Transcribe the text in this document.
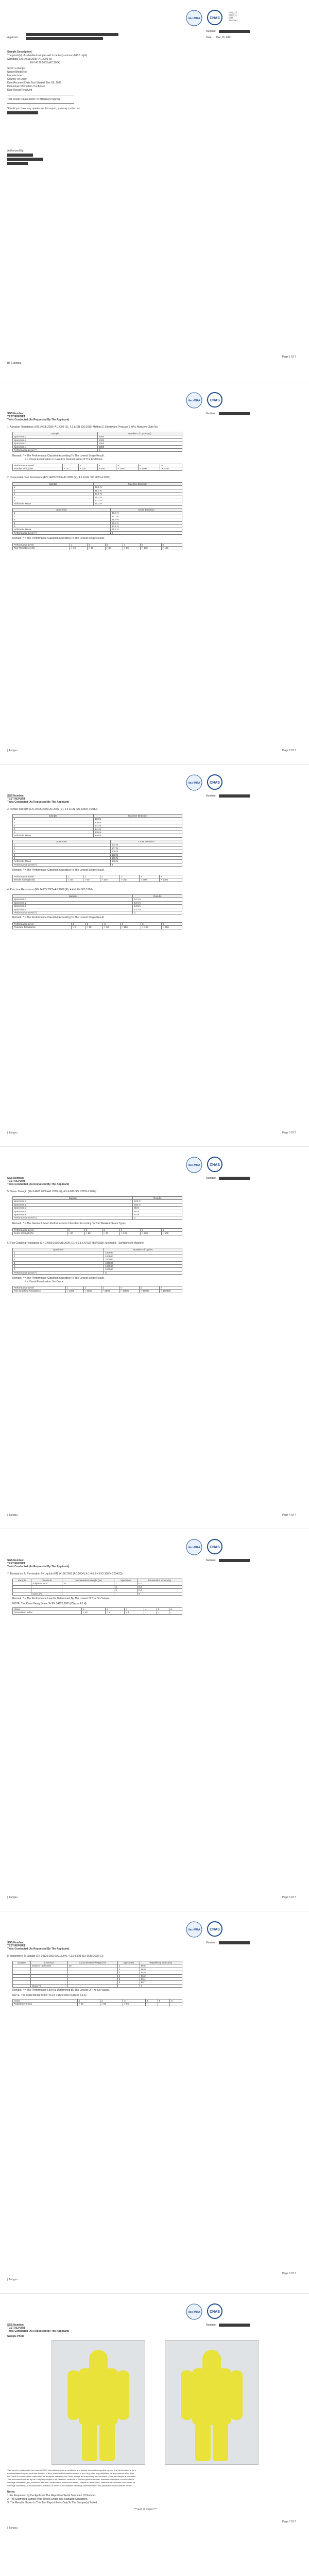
ilac-MRA	CNAS
中国认可
国际互认
检测
TESTING
Number:
Applicant:	Date: Dec 16, 2021
Sample Description:
The photo(s) of submitted sample said to be body armour (NIST Light)
Standard: EN 14605:2005+A1:2009 (5)
EN 14126:2003 (AC:2004)
Size/ Lo Range
Nature/Model No
Manufacturer
Country Of Origin
Date Received/Date Test Started: Dec 06, 2021
Date Final Information Confirmed
Date Result Received
Test Result Please Refer To Attached Page(S).
Should you have any queries on this report, you may contact us.
Authorized By:
Page 1 Of 7
Bf. | Jiangsu
ilac-MRA	CNAS
Number:
SGS Number:
TEST REPORT
Tests Conducted (As Requested By The Applicant)
1. Abrasion Resistance (EN 14605:2005+A1:2009 (E), 4.1 & EN 530:2010, Method 2, Downward Pressure 9 kPa, Abrasive Cloth No.
Sample	Number Of Cycles (n)
Specimen 1	2000
Specimen 2	2000
Specimen 3	2000
Specimen 4	2000
Performance Level (*)	6
Remark: * = The Performance Classified According To The Lowest Single Result.
# = Visual Examination In Case For Determination Of The End Point.
Performance Level	1	2	3	4	5	6
Number Of Cycles	> 10	> 100	> 500	> 1000	> 1500	> 2000
2. Trapezoidal Tear Resistance (EN 14605:2005+A1:2009 (E), 4.2 & EN ISO 9073-4:1997)
Sample	Machine Direction
1	46.1 N
2	48.3 N
3	43.8 N
4	40.3 N
5	43.3 N
Arithmetic Mean	44.3 N
Specimen	Cross Direction
1	32.5 N
2	32.0 N
3	31.9 N
4	29.9 N
5	30.5 N
Arithmetic Mean	31.4 N
Performance Level (*)	2
Remark: * = The Performance Classified According To The Lowest Single Result.
Performance Level	1	2	3	4	5	6
Tear Resistance (N)	> 10	> 20	> 40	> 60	> 100	> 150
| Jiangsu	Page 2 Of 7
ilac-MRA	CNAS
Number:
SGS Number:
TEST REPORT
Tests Conducted (As Requested By The Applicant)
3. Tensile Strength (EN 14605:2005+A1:2009 (E), 4.3 & EN ISO 13934-1:2013)
Sample	Machine Direction
1	136 N
2	138 N
3	131 N
4	141 N
5	135 N
Arithmetic Mean	136 N
Specimen	Cross Direction
1	104 N
2	107 N
3	105 N
4	102 N
5	109 N
Arithmetic Mean	105 N
Performance Level (*)	3
Remark: * = The Performance Classified According To The Lowest Single Result.
Performance Level	1	2	3	4	5	6
Tensile Strength (N)	> 30	> 60	> 100	> 250	> 500	> 1000
4. Puncture Resistance (EN 14605:2005+A1:2009 (E), 4.4 & EN 863:1996)
Sample	Results
Specimen 1	14.2 N
Specimen 2	13.9 N
Specimen 3	14.6 N
Specimen 4	13.2 N
Performance Level (*)	2
Remark: * = The Performance Classified According To The Lowest Single Result.
Performance Level	1	2	3	4	5	6
Puncture Resistance	> 5	> 10	> 50	> 100	> 150	> 250
| Jiangsu	Page 3 Of 7
ilac-MRA	CNAS
Number:
SGS Number:
TEST REPORT
Tests Conducted (As Requested By The Applicant)
5. Seam Strength (EN 14605:2005+A1:2009 (E), 4.5 & EN ISO 13935-2:2014)
Sample	Results
Specimen 1	102 N
Specimen 2	104 N
Specimen 3	98 N
Specimen 4	95 N
Specimen 5	97 N
Performance Level (*)	3
Remark: * = The Garment Seam Performance Is Classified According To The Weakest Seam Types.
Performance Level	1	2	3	4	5	6
Seam Strength (N)	> 30	> 50	> 75	> 125	> 300	> 500
6. Flex Cracking Resistance (EN 14605:2005+A1:2009 (E), 4.1 & EN ISO 7854:1995, Method B - Schildknecht Machine)
Specimen	Number Of Cycles
1	100000
2	100000
3	100000
4	100000
5	100000
6	100000
Performance Level (*)	6
Remark: * = The Performance Classified According To The Lowest Single Result.
# = Visual Examination: No Crack
Performance Level	1	2	3	4	5	6
Flex Cracking Resistance	> 1000	> 2500	> 5000	> 15000	> 40000	> 100000
| Jiangsu	Page 4 Of 7
ilac-MRA	CNAS
Number:
SGS Number:
TEST REPORT
Tests Conducted (As Requested By The Applicant)
7. Resistance To Permeation By Liquids (EN 14126:2003 (AC:2004), 4.1.4 & EN ISO 16604:2004(C))
Sample	Chemical	Concentration Weight (%)	Specimen	Penetration Index (%)
	Sulphuric Acid	30	1	0.0
			2	0.0
			3	0.0
	Class (*)			3
Remark: * = The Performance Level Is Determined By The Lowest Of The Six Values.
NOTE: The Class Being Below To EN 14126:2003 (Clause 4.1.4)
Class	1	2	3	4	5	6
Penetration Index	< 10	< 5	< 1	-	-	-
| Jiangsu	Page 5 Of 7
ilac-MRA	CNAS
Number:
SGS Number:
TEST REPORT
Tests Conducted (As Requested By The Applicant)
8. Repellency To Liquids (EN 14126:2003 (AC:2004), 4.1.5 & EN ISO 6530:2005(C))
Sample	Chemical	Concentration Weight (%)	Specimen	Repellency Index (%)
	Sodium Hydroxide	10	1	95.6
			2	96.0
			3	95.9
			4	96.2
			5	96.4
			6	95.7
	Class (*)			3
Remark: * = The Performance Level Is Determined By The Lowest Of The Six Values.
NOTE: The Class Being Below To EN 14126:2003 (Clause 4.1.5)
Class	1	2	3	4	5	6
Repellency Index	> 80	> 90	> 95	-	-	-
Page 6 Of 7
| Jiangsu
ilac-MRA	CNAS
Number:
SGS Number:
TEST REPORT
Tests Conducted (As Requested By The Applicant)
Sample Photo
This report is made under the basis of SGS' international general conditions and related information supplied by you. It is the intended to be a
documentation for your particular function of time, client and information issued to you. Any other responsibilities for any persons other than
the Client in respect of this report shall be accepted neither by the Client, except as is expressly set out herein. Once the sample is submitted
This document is issued by the Company subject to its General Conditions of Service printed overleaf, available on request or accessible at
www.sgs.com/terms_and_conditions.htm and, for electronic format documents, subject to Terms and Conditions for Electronic Documents at
www.sgs.com/terms_e-document.htm. Attention is drawn to the limitation of liability, indemnification and jurisdiction issues defined therein.
Notes:
1) As Requested by the Applicant The Report No Serial Specimen Of Number.
2) The Submitted Sample Was Tested Under The Standard Conditions.
3) The Results Shown In This Test Report Refer Only To The Sample(s) Tested.
*** End of Report ***
Page 7 Of 7
| Jiangsu
